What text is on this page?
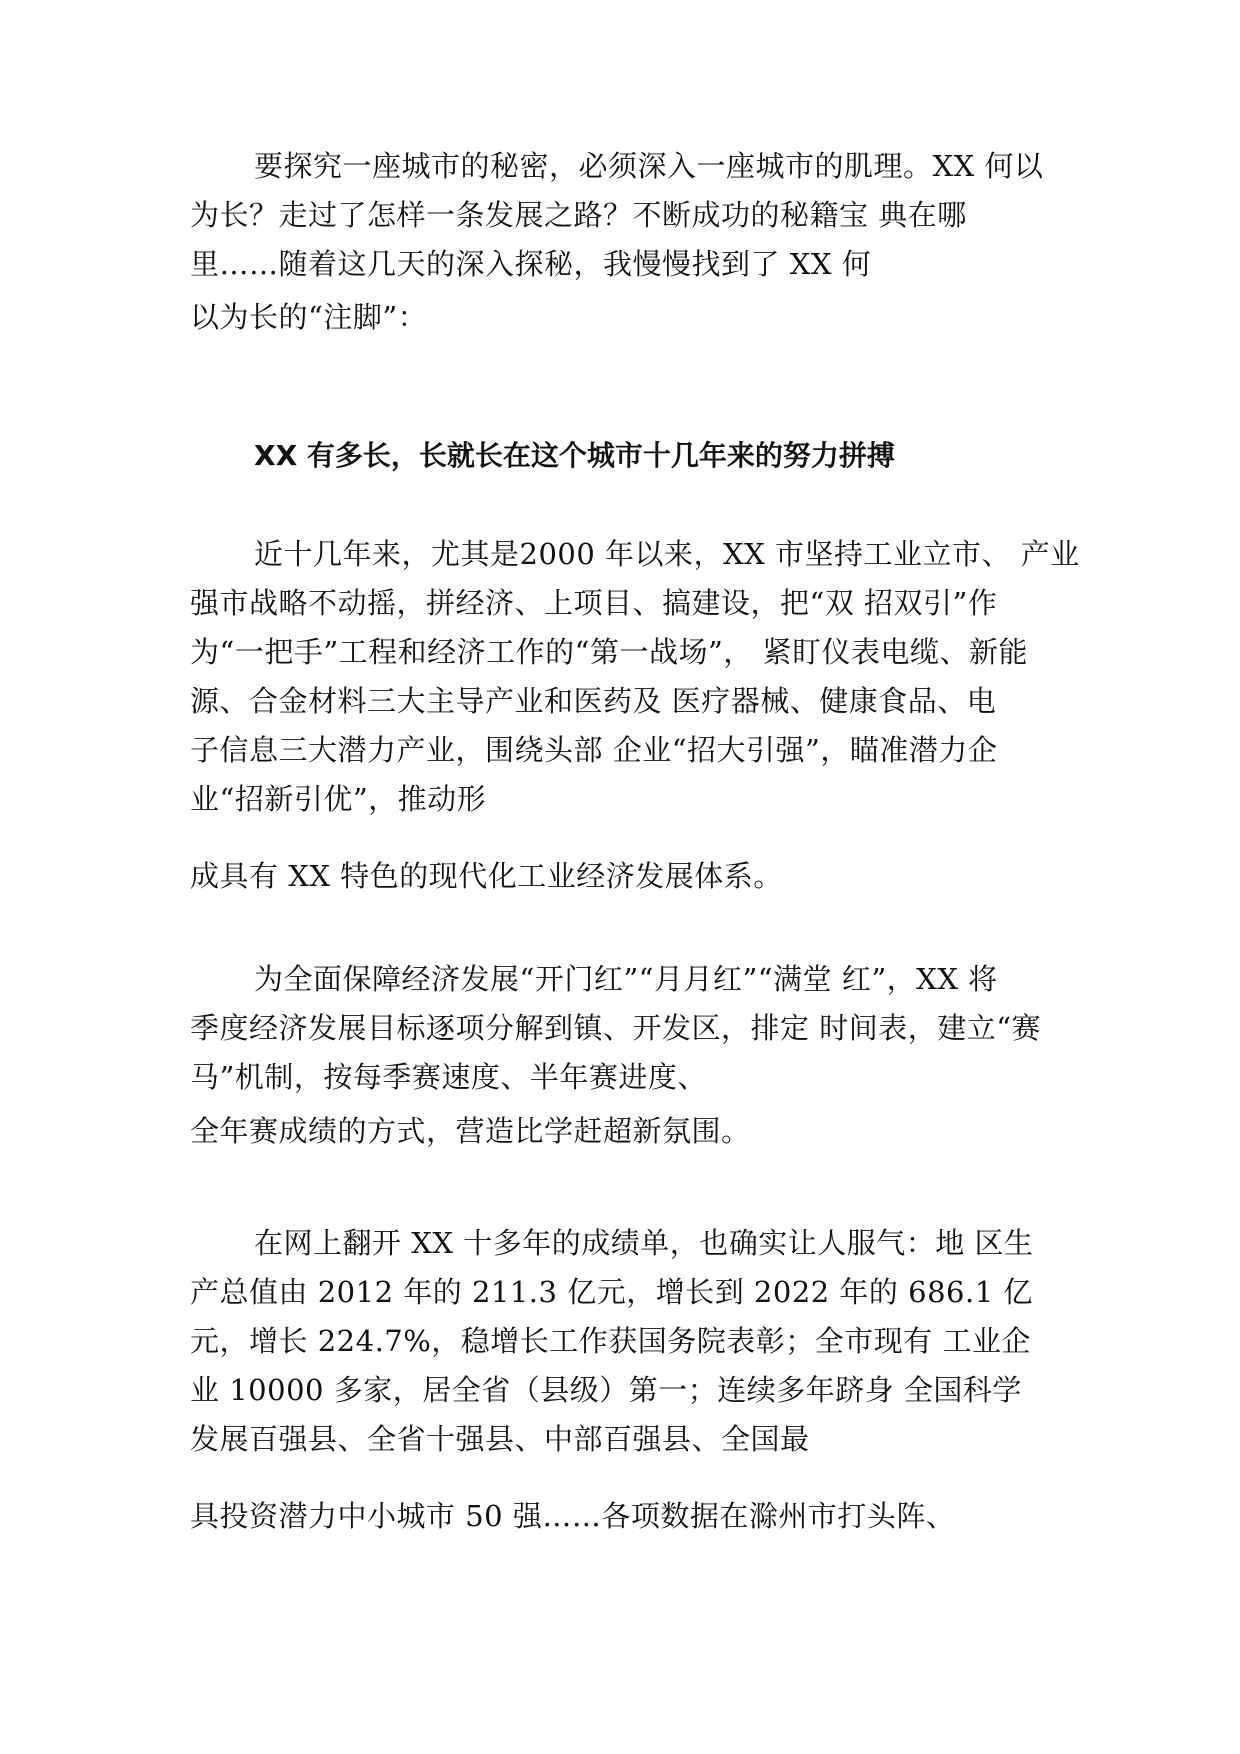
要探究一座城市的秘密，必须深入一座城市的肌理。XX 何以
为长？走过了怎样一条发展之路？不断成功的秘籍宝 典在哪
里……随着这几天的深入探秘，我慢慢找到了 XX 何
以为长的“注脚”：
XX 有多长，长就长在这个城市十几年来的努力拼搏
近十几年来，尤其是2000 年以来，XX 市坚持工业立市、 产业
强市战略不动摇，拼经济、上项目、搞建设，把“双 招双引”作
为“一把手”工程和经济工作的“第一战场”， 紧盯仪表电缆、新能
源、合金材料三大主导产业和医药及 医疗器械、健康食品、电
子信息三大潜力产业，围绕头部 企业“招大引强”，瞄准潜力企
业“招新引优”，推动形
成具有 XX 特色的现代化工业经济发展体系。
为全面保障经济发展“开门红”“月月红”“满堂 红”，XX 将
季度经济发展目标逐项分解到镇、开发区，排定 时间表，建立“赛
马”机制，按每季赛速度、半年赛进度、
全年赛成绩的方式，营造比学赶超新氛围。
在网上翻开 XX 十多年的成绩单，也确实让人服气：地 区生
产总值由 2012 年的 211.3 亿元，增长到 2022 年的 686.1 亿
元，增长 224.7%，稳增长工作获国务院表彰；全市现有 工业企
业 10000 多家，居全省（县级）第一；连续多年跻身 全国科学
发展百强县、全省十强县、中部百强县、全国最
具投资潜力中小城市 50 强……各项数据在滁州市打头阵、
